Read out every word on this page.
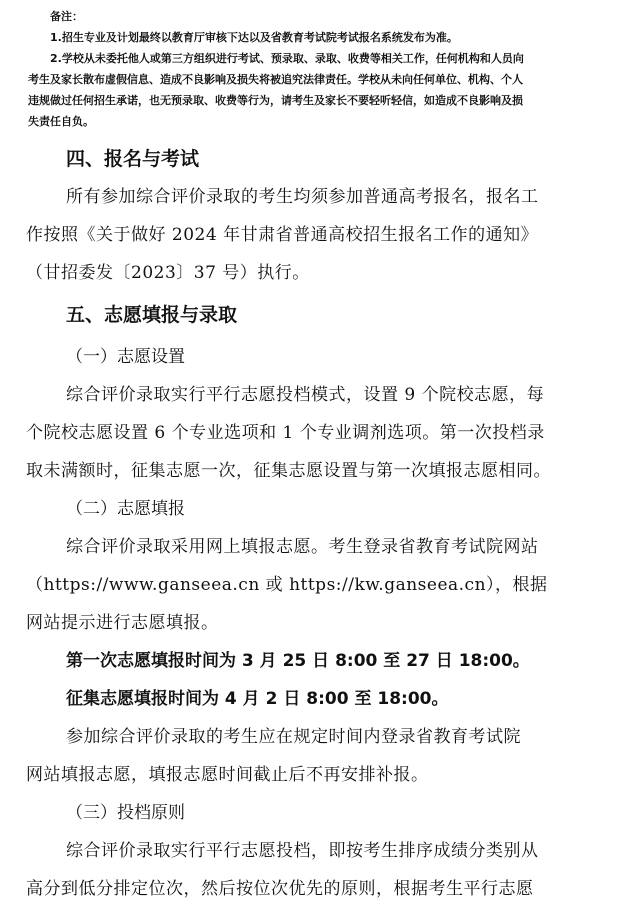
备注：
1.招生专业及计划最终以教育厅审核下达以及省教育考试院考试报名系统发布为准。
2.学校从未委托他人或第三方组织进行考试、预录取、录取、收费等相关工作，任何机构和人员向
考生及家长散布虚假信息、造成不良影响及损失将被追究法律责任。学校从未向任何单位、机构、个人
违规做过任何招生承诺，也无预录取、收费等行为，请考生及家长不要轻听轻信，如造成不良影响及损
失责任自负。
四、报名与考试
所有参加综合评价录取的考生均须参加普通高考报名，报名工
作按照《关于做好 2024 年甘肃省普通高校招生报名工作的通知》
（甘招委发〔2023〕37 号）执行。
五、志愿填报与录取
（一）志愿设置
综合评价录取实行平行志愿投档模式，设置 9 个院校志愿，每
个院校志愿设置 6 个专业选项和 1 个专业调剂选项。第一次投档录
取未满额时，征集志愿一次，征集志愿设置与第一次填报志愿相同。
（二）志愿填报
综合评价录取采用网上填报志愿。考生登录省教育考试院网站
（https://www.ganseea.cn 或 https://kw.ganseea.cn），根据
网站提示进行志愿填报。
第一次志愿填报时间为 3 月 25 日 8:00 至 27 日 18:00。
征集志愿填报时间为 4 月 2 日 8:00 至 18:00。
参加综合评价录取的考生应在规定时间内登录省教育考试院
网站填报志愿，填报志愿时间截止后不再安排补报。
（三）投档原则
综合评价录取实行平行志愿投档，即按考生排序成绩分类别从
高分到低分排定位次，然后按位次优先的原则，根据考生平行志愿
